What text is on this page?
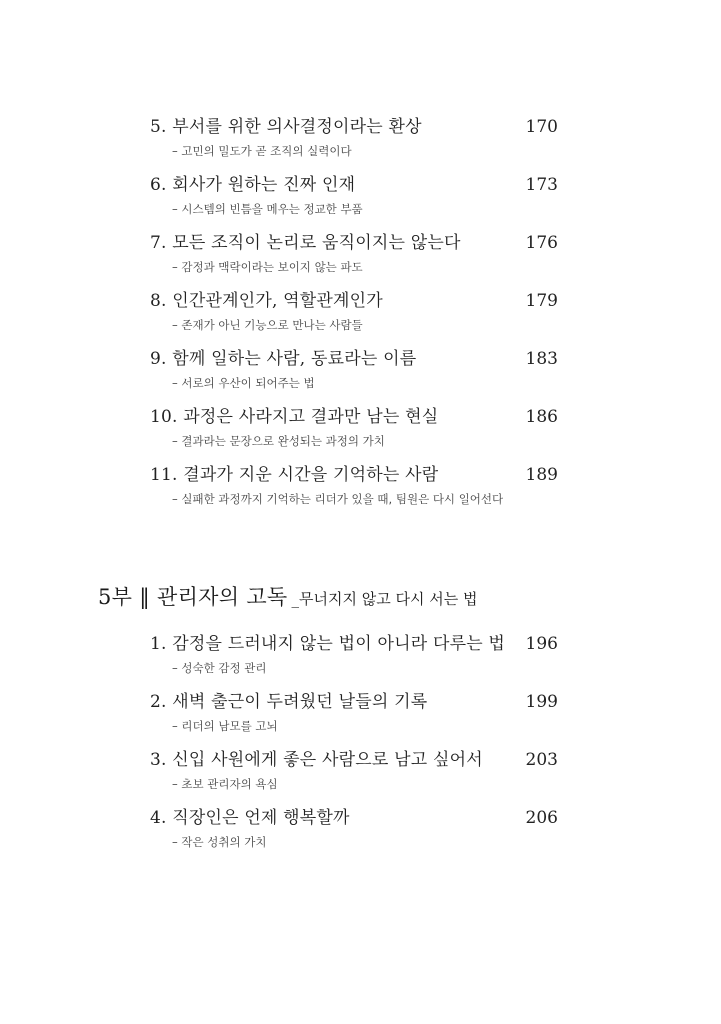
5. 부서를 위한 의사결정이라는 환상	170
– 고민의 밀도가 곧 조직의 실력이다
6. 회사가 원하는 진짜 인재	173
– 시스템의 빈틈을 메우는 정교한 부품
7. 모든 조직이 논리로 움직이지는 않는다	176
– 감정과 맥락이라는 보이지 않는 파도
8. 인간관계인가, 역할관계인가	179
– 존재가 아닌 기능으로 만나는 사람들
9. 함께 일하는 사람, 동료라는 이름	183
– 서로의 우산이 되어주는 법
10. 과정은 사라지고 결과만 남는 현실	186
– 결과라는 문장으로 완성되는 과정의 가치
11. 결과가 지운 시간을 기억하는 사람	189
– 실패한 과정까지 기억하는 리더가 있을 때, 팀원은 다시 일어선다
5부 ‖ 관리자의 고독 _무너지지 않고 다시 서는 법
1. 감정을 드러내지 않는 법이 아니라 다루는 법 196
– 성숙한 감정 관리
2. 새벽 출근이 두려웠던 날들의 기록	199
– 리더의 남모를 고뇌
3. 신입 사원에게 좋은 사람으로 남고 싶어서	203
– 초보 관리자의 욕심
4. 직장인은 언제 행복할까	206
– 작은 성취의 가치
